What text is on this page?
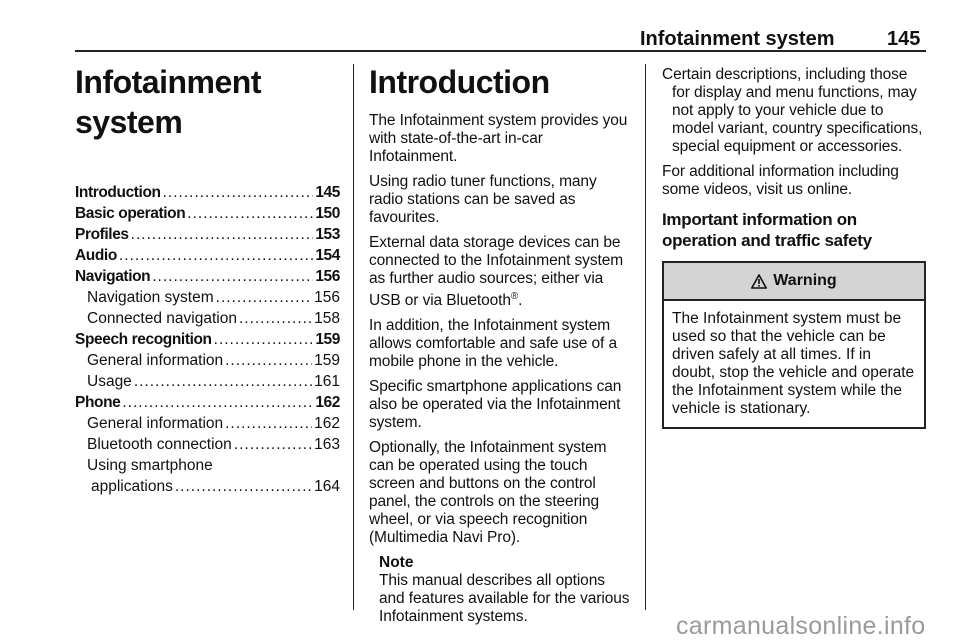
Infotainment system	145
Infotainment system
Introduction .....	145
Basic operation .....	150
Profiles .....	153
Audio .....	154
Navigation .....	156
Navigation system .....	156
Connected navigation .....	158
Speech recognition .....	159
General information .....	159
Usage .....	161
Phone .....	162
General information .....	162
Bluetooth connection .....	163
Using smartphone
applications .....	164
Introduction

The Infotainment system provides you with state-of-the-art in-car Infotainment.

Using radio tuner functions, many radio stations can be saved as favourites.

External data storage devices can be connected to the Infotainment system as further audio sources; either via USB or via Bluetooth®.

In addition, the Infotainment system allows comfortable and safe use of a mobile phone in the vehicle.

Specific smartphone applications can also be operated via the Infotainment system.

Optionally, the Infotainment system can be operated using the touch screen and buttons on the control panel, the controls on the steering wheel, or via speech recognition (Multimedia Navi Pro).

Note
This manual describes all options and features available for the various Infotainment systems.

Certain descriptions, including those for display and menu functions, may not apply to your vehicle due to model variant, country specifications, special equipment or accessories.

For additional information including some videos, visit us online.

Important information on operation and traffic safety
Warning
The Infotainment system must be used so that the vehicle can be driven safely at all times. If in doubt, stop the vehicle and operate the Infotainment system while the vehicle is stationary.
carmanualsonline.info
